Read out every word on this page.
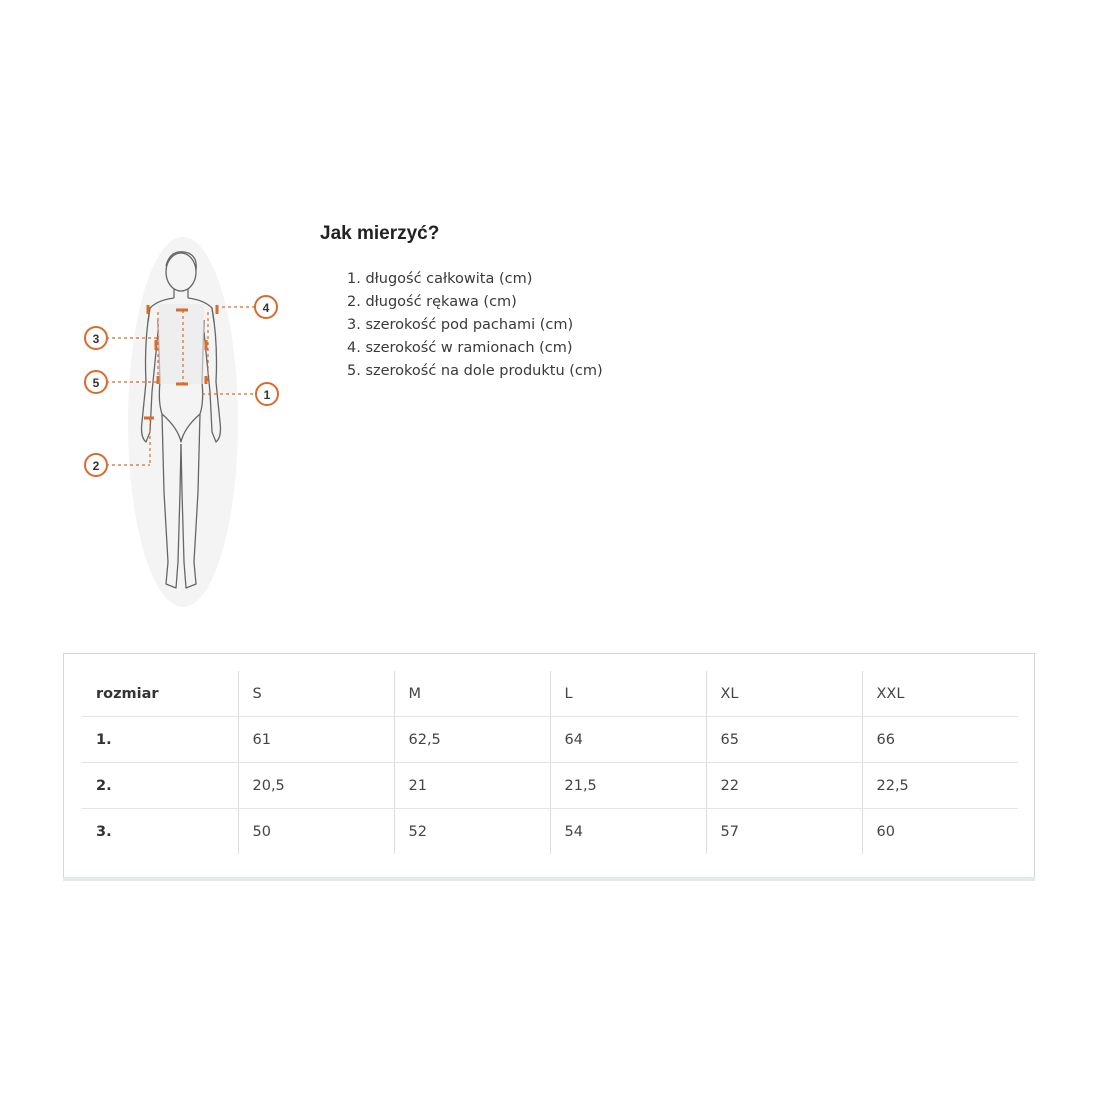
4
3
5
1
2
Jak mierzyć?
1. długość całkowita (cm)
2. długość rękawa (cm)
3. szerokość pod pachami (cm)
4. szerokość w ramionach (cm)
5. szerokość na dole produktu (cm)
rozmiar	S	M	L	XL	XXL
1.	61	62,5	64	65	66
2.	20,5	21	21,5	22	22,5
3.	50	52	54	57	60
